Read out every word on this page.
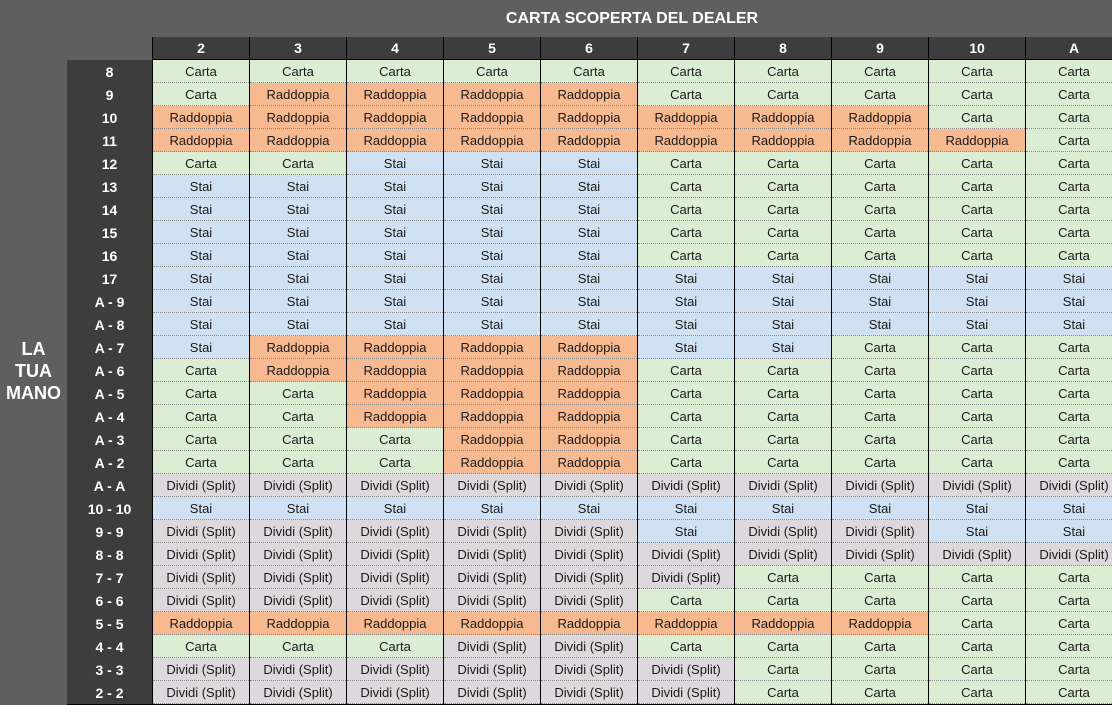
CARTA SCOPERTA DEL DEALER
LA
TUA
MANO
2	3	4	5	6	7	8	9	10	A
8	Carta	Carta	Carta	Carta	Carta	Carta	Carta	Carta	Carta	Carta
9	Carta	Raddoppia	Raddoppia	Raddoppia	Raddoppia	Carta	Carta	Carta	Carta	Carta
10	Raddoppia	Raddoppia	Raddoppia	Raddoppia	Raddoppia	Raddoppia	Raddoppia	Raddoppia	Carta	Carta
11	Raddoppia	Raddoppia	Raddoppia	Raddoppia	Raddoppia	Raddoppia	Raddoppia	Raddoppia	Raddoppia	Carta
12	Carta	Carta	Stai	Stai	Stai	Carta	Carta	Carta	Carta	Carta
13	Stai	Stai	Stai	Stai	Stai	Carta	Carta	Carta	Carta	Carta
14	Stai	Stai	Stai	Stai	Stai	Carta	Carta	Carta	Carta	Carta
15	Stai	Stai	Stai	Stai	Stai	Carta	Carta	Carta	Carta	Carta
16	Stai	Stai	Stai	Stai	Stai	Carta	Carta	Carta	Carta	Carta
17	Stai	Stai	Stai	Stai	Stai	Stai	Stai	Stai	Stai	Stai
A - 9	Stai	Stai	Stai	Stai	Stai	Stai	Stai	Stai	Stai	Stai
A - 8	Stai	Stai	Stai	Stai	Stai	Stai	Stai	Stai	Stai	Stai
A - 7	Stai	Raddoppia	Raddoppia	Raddoppia	Raddoppia	Stai	Stai	Carta	Carta	Carta
A - 6	Carta	Raddoppia	Raddoppia	Raddoppia	Raddoppia	Carta	Carta	Carta	Carta	Carta
A - 5	Carta	Carta	Raddoppia	Raddoppia	Raddoppia	Carta	Carta	Carta	Carta	Carta
A - 4	Carta	Carta	Raddoppia	Raddoppia	Raddoppia	Carta	Carta	Carta	Carta	Carta
A - 3	Carta	Carta	Carta	Raddoppia	Raddoppia	Carta	Carta	Carta	Carta	Carta
A - 2	Carta	Carta	Carta	Raddoppia	Raddoppia	Carta	Carta	Carta	Carta	Carta
A - A	Dividi (Split)	Dividi (Split)	Dividi (Split)	Dividi (Split)	Dividi (Split)	Dividi (Split)	Dividi (Split)	Dividi (Split)	Dividi (Split)	Dividi (Split)
10 - 10	Stai	Stai	Stai	Stai	Stai	Stai	Stai	Stai	Stai	Stai
9 - 9	Dividi (Split)	Dividi (Split)	Dividi (Split)	Dividi (Split)	Dividi (Split)	Stai	Dividi (Split)	Dividi (Split)	Stai	Stai
8 - 8	Dividi (Split)	Dividi (Split)	Dividi (Split)	Dividi (Split)	Dividi (Split)	Dividi (Split)	Dividi (Split)	Dividi (Split)	Dividi (Split)	Dividi (Split)
7 - 7	Dividi (Split)	Dividi (Split)	Dividi (Split)	Dividi (Split)	Dividi (Split)	Dividi (Split)	Carta	Carta	Carta	Carta
6 - 6	Dividi (Split)	Dividi (Split)	Dividi (Split)	Dividi (Split)	Dividi (Split)	Carta	Carta	Carta	Carta	Carta
5 - 5	Raddoppia	Raddoppia	Raddoppia	Raddoppia	Raddoppia	Raddoppia	Raddoppia	Raddoppia	Carta	Carta
4 - 4	Carta	Carta	Carta	Dividi (Split)	Dividi (Split)	Carta	Carta	Carta	Carta	Carta
3 - 3	Dividi (Split)	Dividi (Split)	Dividi (Split)	Dividi (Split)	Dividi (Split)	Dividi (Split)	Carta	Carta	Carta	Carta
2 - 2	Dividi (Split)	Dividi (Split)	Dividi (Split)	Dividi (Split)	Dividi (Split)	Dividi (Split)	Carta	Carta	Carta	Carta
